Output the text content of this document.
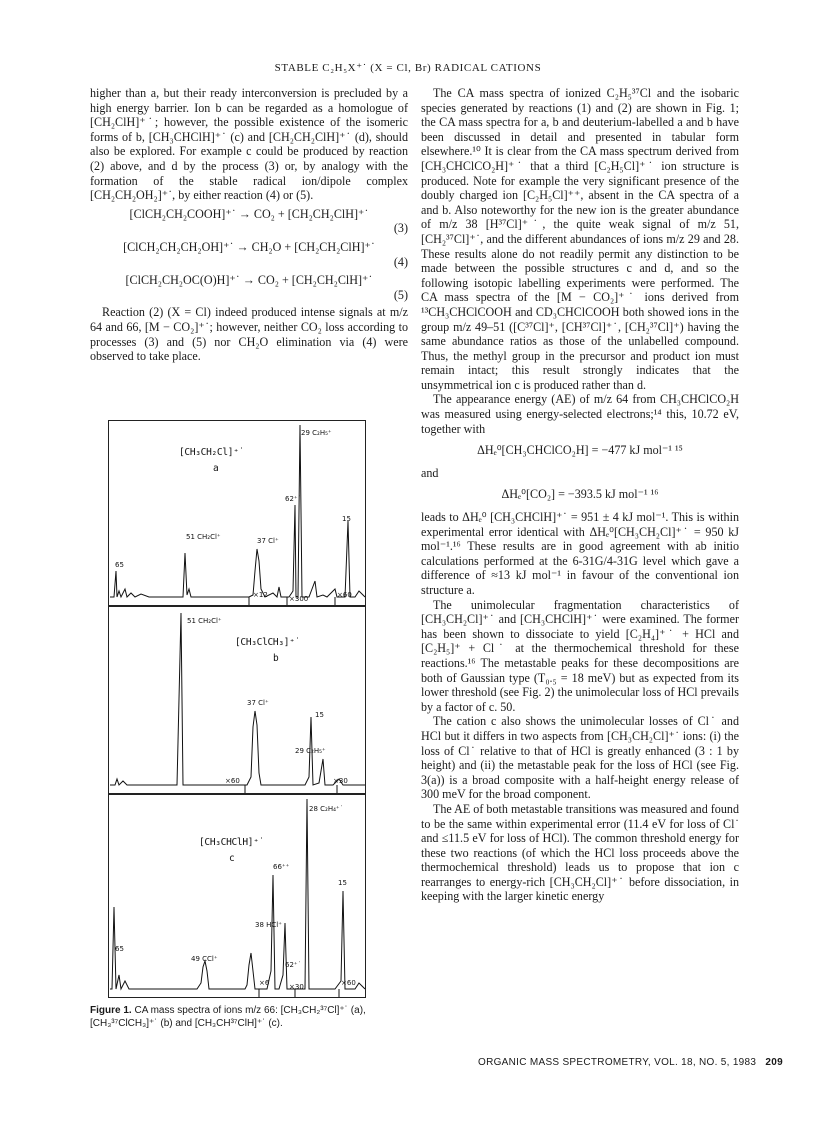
STABLE C₂H₅X⁺˙ (X = Cl, Br) RADICAL CATIONS

higher than a, but their ready interconversion is precluded by a high energy barrier. Ion b can be regarded as a homologue of [CH₂ClH]⁺˙; however, the possible existence of the isomeric forms of b, [CH₃CHClH]⁺˙ (c) and [CH₂CH₂ClH]⁺˙ (d), should also be explored. For example c could be produced by reaction (2) above, and d by the process (3) or, by analogy with the formation of the stable radical ion/dipole complex [CH₂CH₂OH₂]⁺˙, by either reaction (4) or (5).

[ClCH₂CH₂COOH]⁺˙ → CO₂ + [CH₂CH₂ClH]⁺˙
(3)
[ClCH₂CH₂CH₂OH]⁺˙ → CH₂O + [CH₂CH₂ClH]⁺˙
(4)
[ClCH₂CH₂OC(O)H]⁺˙ → CO₂ + [CH₂CH₂ClH]⁺˙
(5)

Reaction (2) (X = Cl) indeed produced intense signals at m/z 64 and 66, [M − CO₂]⁺˙; however, neither CO₂ loss according to processes (3) and (5) nor CH₂O elimination via (4) were observed to take place.

[CH₃CH₂Cl]⁺˙
a
29 C₂H₅⁺
62⁺˙
15
51 CH₂Cl⁺	37 Cl⁺
65
×12	×300	×60
51 CH₂Cl⁺
[CH₃ClCH₃]⁺˙
b
37 Cl⁺
15
29 C₂H₅⁺
×60	×30
28 C₂H₄⁺˙
[CH₃CHClH]⁺˙
c
66⁺⁺
15
38 HCl⁺
65
49 CCl⁺
62⁺˙
×6	×30	×60
Figure 1. CA mass spectra of ions m/z 66: [CH₃CH₂³⁷Cl]⁺˙ (a), [CH₃³⁷ClCH₃]⁺˙ (b) and [CH₃CH³⁷ClH]⁺˙ (c).

The CA mass spectra of ionized C₂H₅³⁷Cl and the isobaric species generated by reactions (1) and (2) are shown in Fig. 1; the CA mass spectra for a, b and deuterium-labelled a and b have been discussed in detail and presented in tabular form elsewhere.¹⁰ It is clear from the CA mass spectrum derived from [CH₃CHClCO₂H]⁺˙ that a third [C₂H₅Cl]⁺˙ ion structure is produced. Note for example the very significant presence of the doubly charged ion [C₂H₅Cl]⁺⁺, absent in the CA spectra of a and b. Also noteworthy for the new ion is the greater abundance of m/z 38 [H³⁷Cl]⁺˙, the quite weak signal of m/z 51, [CH₂³⁷Cl]⁺˙, and the different abundances of ions m/z 29 and 28. These results alone do not readily permit any distinction to be made between the possible structures c and d, and so the following isotopic labelling experiments were performed. The CA mass spectra of the [M − CO₂]⁺˙ ions derived from ¹³CH₃CHClCOOH and CD₃CHClCOOH both showed ions in the group m/z 49–51 ([C³⁷Cl]⁺, [CH³⁷Cl]⁺˙, [CH₂³⁷Cl]⁺) having the same abundance ratios as those of the unlabelled compound. Thus, the methyl group in the precursor and product ion must remain intact; this result strongly indicates that the unsymmetrical ion c is produced rather than d.

The appearance energy (AE) of m/z 64 from CH₃CHClCO₂H was measured using energy-selected electrons;¹⁴ this, 10.72 eV, together with

ΔHₑ⁰[CH₃CHClCO₂H] = −477 kJ mol⁻¹ ¹⁵

and

ΔHₑ⁰[CO₂] = −393.5 kJ mol⁻¹ ¹⁶

leads to ΔHₑ⁰ [CH₃CHClH]⁺˙ = 951 ± 4 kJ mol⁻¹. This is within experimental error identical with ΔHₑ⁰[CH₃CH₂Cl]⁺˙ = 950 kJ mol⁻¹.¹⁶ These results are in good agreement with ab initio calculations performed at the 6-31G/4-31G level which gave a difference of ≈13 kJ mol⁻¹ in favour of the conventional ion structure a.

The unimolecular fragmentation characteristics of [CH₃CH₂Cl]⁺˙ and [CH₃CHClH]⁺˙ were examined. The former has been shown to dissociate to yield [C₂H₄]⁺˙ + HCl and [C₂H₅]⁺ + Cl˙ at the thermochemical threshold for these reactions.¹⁶ The metastable peaks for these decompositions are both of Gaussian type (T₀.₅ = 18 meV) but as expected from its lower threshold (see Fig. 2) the unimolecular loss of HCl prevails by a factor of c. 50.

The cation c also shows the unimolecular losses of Cl˙ and HCl but it differs in two aspects from [CH₃CH₂Cl]⁺˙ ions: (i) the loss of Cl˙ relative to that of HCl is greatly enhanced (3 : 1 by height) and (ii) the metastable peak for the loss of HCl (see Fig. 3(a)) is a broad composite with a half-height energy release of 300 meV for the broad component.

The AE of both metastable transitions was measured and found to be the same within experimental error (11.4 eV for loss of Cl˙ and ≤11.5 eV for loss of HCl). The common threshold energy for these two reactions (of which the HCl loss proceeds above the thermochemical threshold) leads us to propose that ion c rearranges to energy-rich [CH₃CH₂Cl]⁺˙ before dissociation, in keeping with the larger kinetic energy

ORGANIC MASS SPECTROMETRY, VOL. 18, NO. 5, 1983 209
